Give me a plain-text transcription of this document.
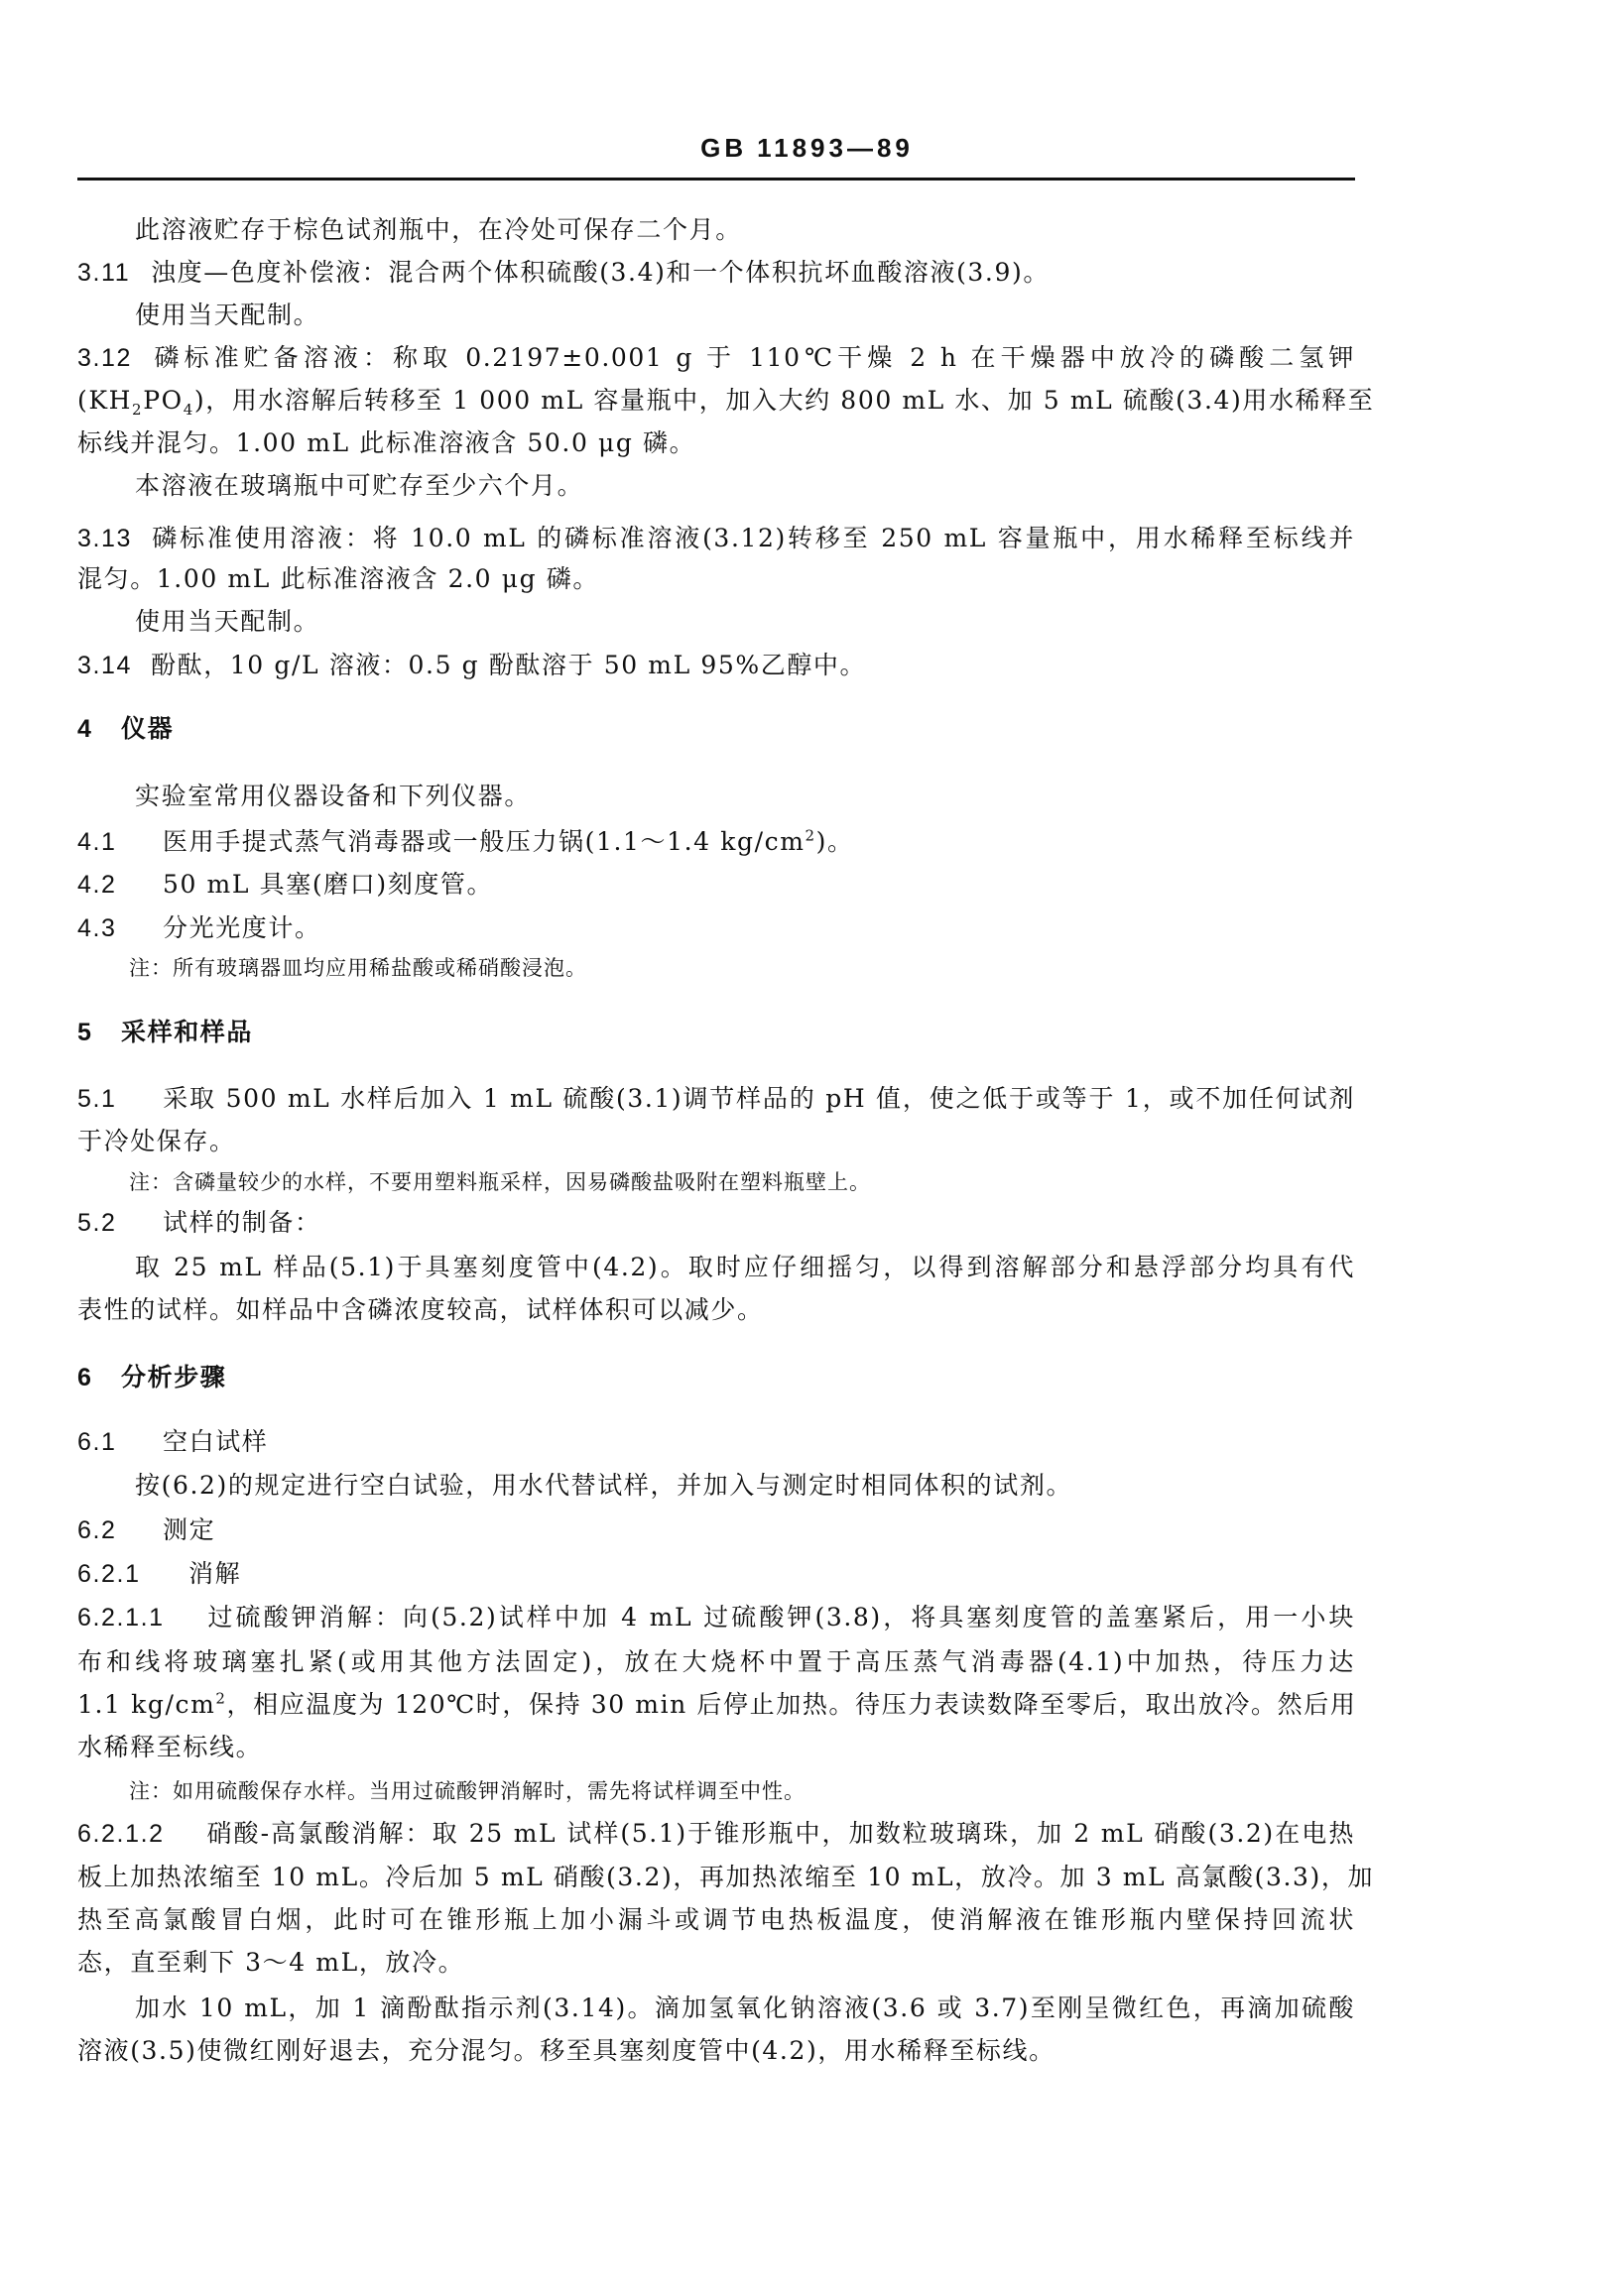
GB 11893—89
此溶液贮存于棕色试剂瓶中，在冷处可保存二个月。
3.11 浊度—色度补偿液：混合两个体积硫酸(3.4)和一个体积抗坏血酸溶液(3.9)。
使用当天配制。
3.12 磷标准贮备溶液：称取 0.2197±0.001 g 于 110℃干燥 2 h 在干燥器中放冷的磷酸二氢钾
$(KH_2PO_4)$，用水溶解后转移至 1 000 mL 容量瓶中，加入大约 800 mL 水、加 5 mL 硫酸(3.4)用水稀释至
标线并混匀。1.00 mL 此标准溶液含 50.0 μg 磷。
本溶液在玻璃瓶中可贮存至少六个月。
3.13 磷标准使用溶液：将 10.0 mL 的磷标准溶液(3.12)转移至 250 mL 容量瓶中，用水稀释至标线并
混匀。1.00 mL 此标准溶液含 2.0 μg 磷。
使用当天配制。
3.14 酚酞，10 g/L 溶液：0.5 g 酚酞溶于 50 mL 95%乙醇中。
4 仪器
实验室常用仪器设备和下列仪器。
4.1 医用手提式蒸气消毒器或一般压力锅(1.1～1.4 $kg/cm^2$)。
4.2 50 mL 具塞(磨口)刻度管。
4.3 分光光度计。
注：所有玻璃器皿均应用稀盐酸或稀硝酸浸泡。
5 采样和样品
5.1 采取 500 mL 水样后加入 1 mL 硫酸(3.1)调节样品的 pH 值，使之低于或等于 1，或不加任何试剂
于冷处保存。
注：含磷量较少的水样，不要用塑料瓶采样，因易磷酸盐吸附在塑料瓶壁上。
5.2 试样的制备：
取 25 mL 样品(5.1)于具塞刻度管中(4.2)。取时应仔细摇匀，以得到溶解部分和悬浮部分均具有代
表性的试样。如样品中含磷浓度较高，试样体积可以减少。
6 分析步骤
6.1 空白试样
按(6.2)的规定进行空白试验，用水代替试样，并加入与测定时相同体积的试剂。
6.2 测定
6.2.1 消解
6.2.1.1 过硫酸钾消解：向(5.2)试样中加 4 mL 过硫酸钾(3.8)，将具塞刻度管的盖塞紧后，用一小块
布和线将玻璃塞扎紧(或用其他方法固定)，放在大烧杯中置于高压蒸气消毒器(4.1)中加热，待压力达
1.1 $kg/cm^2$，相应温度为 120℃时，保持 30 min 后停止加热。待压力表读数降至零后，取出放冷。然后用
水稀释至标线。
注：如用硫酸保存水样。当用过硫酸钾消解时，需先将试样调至中性。
6.2.1.2 硝酸-高氯酸消解：取 25 mL 试样(5.1)于锥形瓶中，加数粒玻璃珠，加 2 mL 硝酸(3.2)在电热
板上加热浓缩至 10 mL。冷后加 5 mL 硝酸(3.2)，再加热浓缩至 10 mL，放冷。加 3 mL 高氯酸(3.3)，加
热至高氯酸冒白烟，此时可在锥形瓶上加小漏斗或调节电热板温度，使消解液在锥形瓶内壁保持回流状
态，直至剩下 3～4 mL，放冷。
加水 10 mL，加 1 滴酚酞指示剂(3.14)。滴加氢氧化钠溶液(3.6 或 3.7)至刚呈微红色，再滴加硫酸
溶液(3.5)使微红刚好退去，充分混匀。移至具塞刻度管中(4.2)，用水稀释至标线。
